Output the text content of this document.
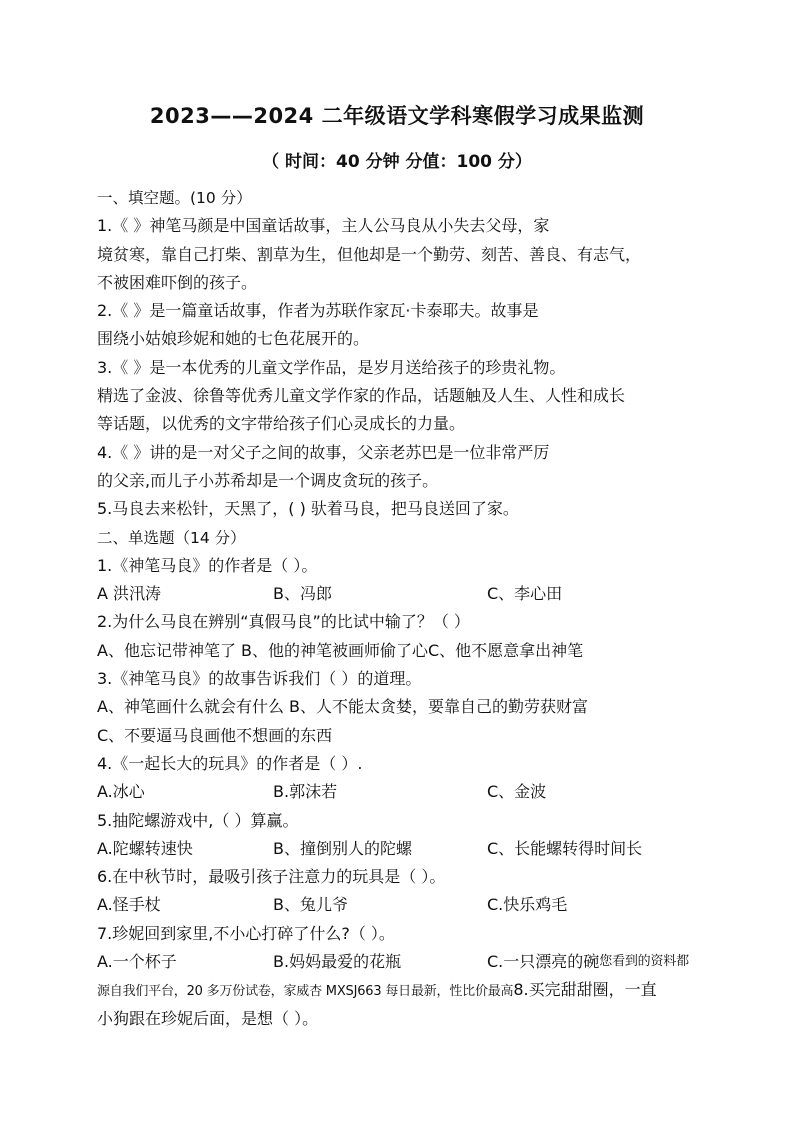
2023——2024 二年级语文学科寒假学习成果监测
（ 时间：40 分钟 分值：100 分）
一、填空题。(10 分）
1.《 》神笔马颜是中国童话故事，主人公马良从小失去父母，家
境贫寒，靠自己打柴、割草为生，但他却是一个勤劳、刻苦、善良、有志气，
不被困难吓倒的孩子。
2.《 》是一篇童话故事，作者为苏联作家瓦·卡泰耶夫。故事是
围绕小姑娘珍妮和她的七色花展开的。
3.《 》是一本优秀的儿童文学作品，是岁月送给孩子的珍贵礼物。
精选了金波、徐鲁等优秀儿童文学作家的作品，话题触及人生、人性和成长
等话题，以优秀的文字带给孩子们心灵成长的力量。
4.《 》讲的是一对父子之间的故事，父亲老苏巴是一位非常严厉
的父亲,而儿子小苏希却是一个调皮贪玩的孩子。
5.马良去来松针，天黑了，( ) 驮着马良，把马良送回了家。
二、单选题（14 分）
1.《神笔马良》的作者是（ ）。
A 洪汛涛	B、冯郎	C、李心田
2.为什么马良在辨别“真假马良”的比试中输了？（ ）
A、他忘记带神笔了 B、他的神笔被画师偷了心C、他不愿意拿出神笔
3.《神笔马良》的故事告诉我们（ ）的道理。
A、神笔画什么就会有什么 B、人不能太贪婪，要靠自己的勤劳获财富
C、不要逼马良画他不想画的东西
4.《一起长大的玩具》的作者是（ ）.
A.冰心	B.郭沫若	C、金波
5.抽陀螺游戏中,（ ）算赢。
A.陀螺转速快	B、撞倒别人的陀螺	C、长能螺转得时间长
6.在中秋节时，最吸引孩子注意力的玩具是（ ）。
A.怪手杖	B、兔儿爷	C.快乐鸡毛
7.珍妮回到家里,不小心打碎了什么?（ ）。
A.一个杯子	B.妈妈最爱的花瓶	C.一只漂亮的碗 您看到的资料都
源自我们平台，20 多万份试卷，家威杏 MXSJ663 每日最新，性比价最高8.买完甜甜圈，一直
小狗跟在珍妮后面，是想（ ）。
